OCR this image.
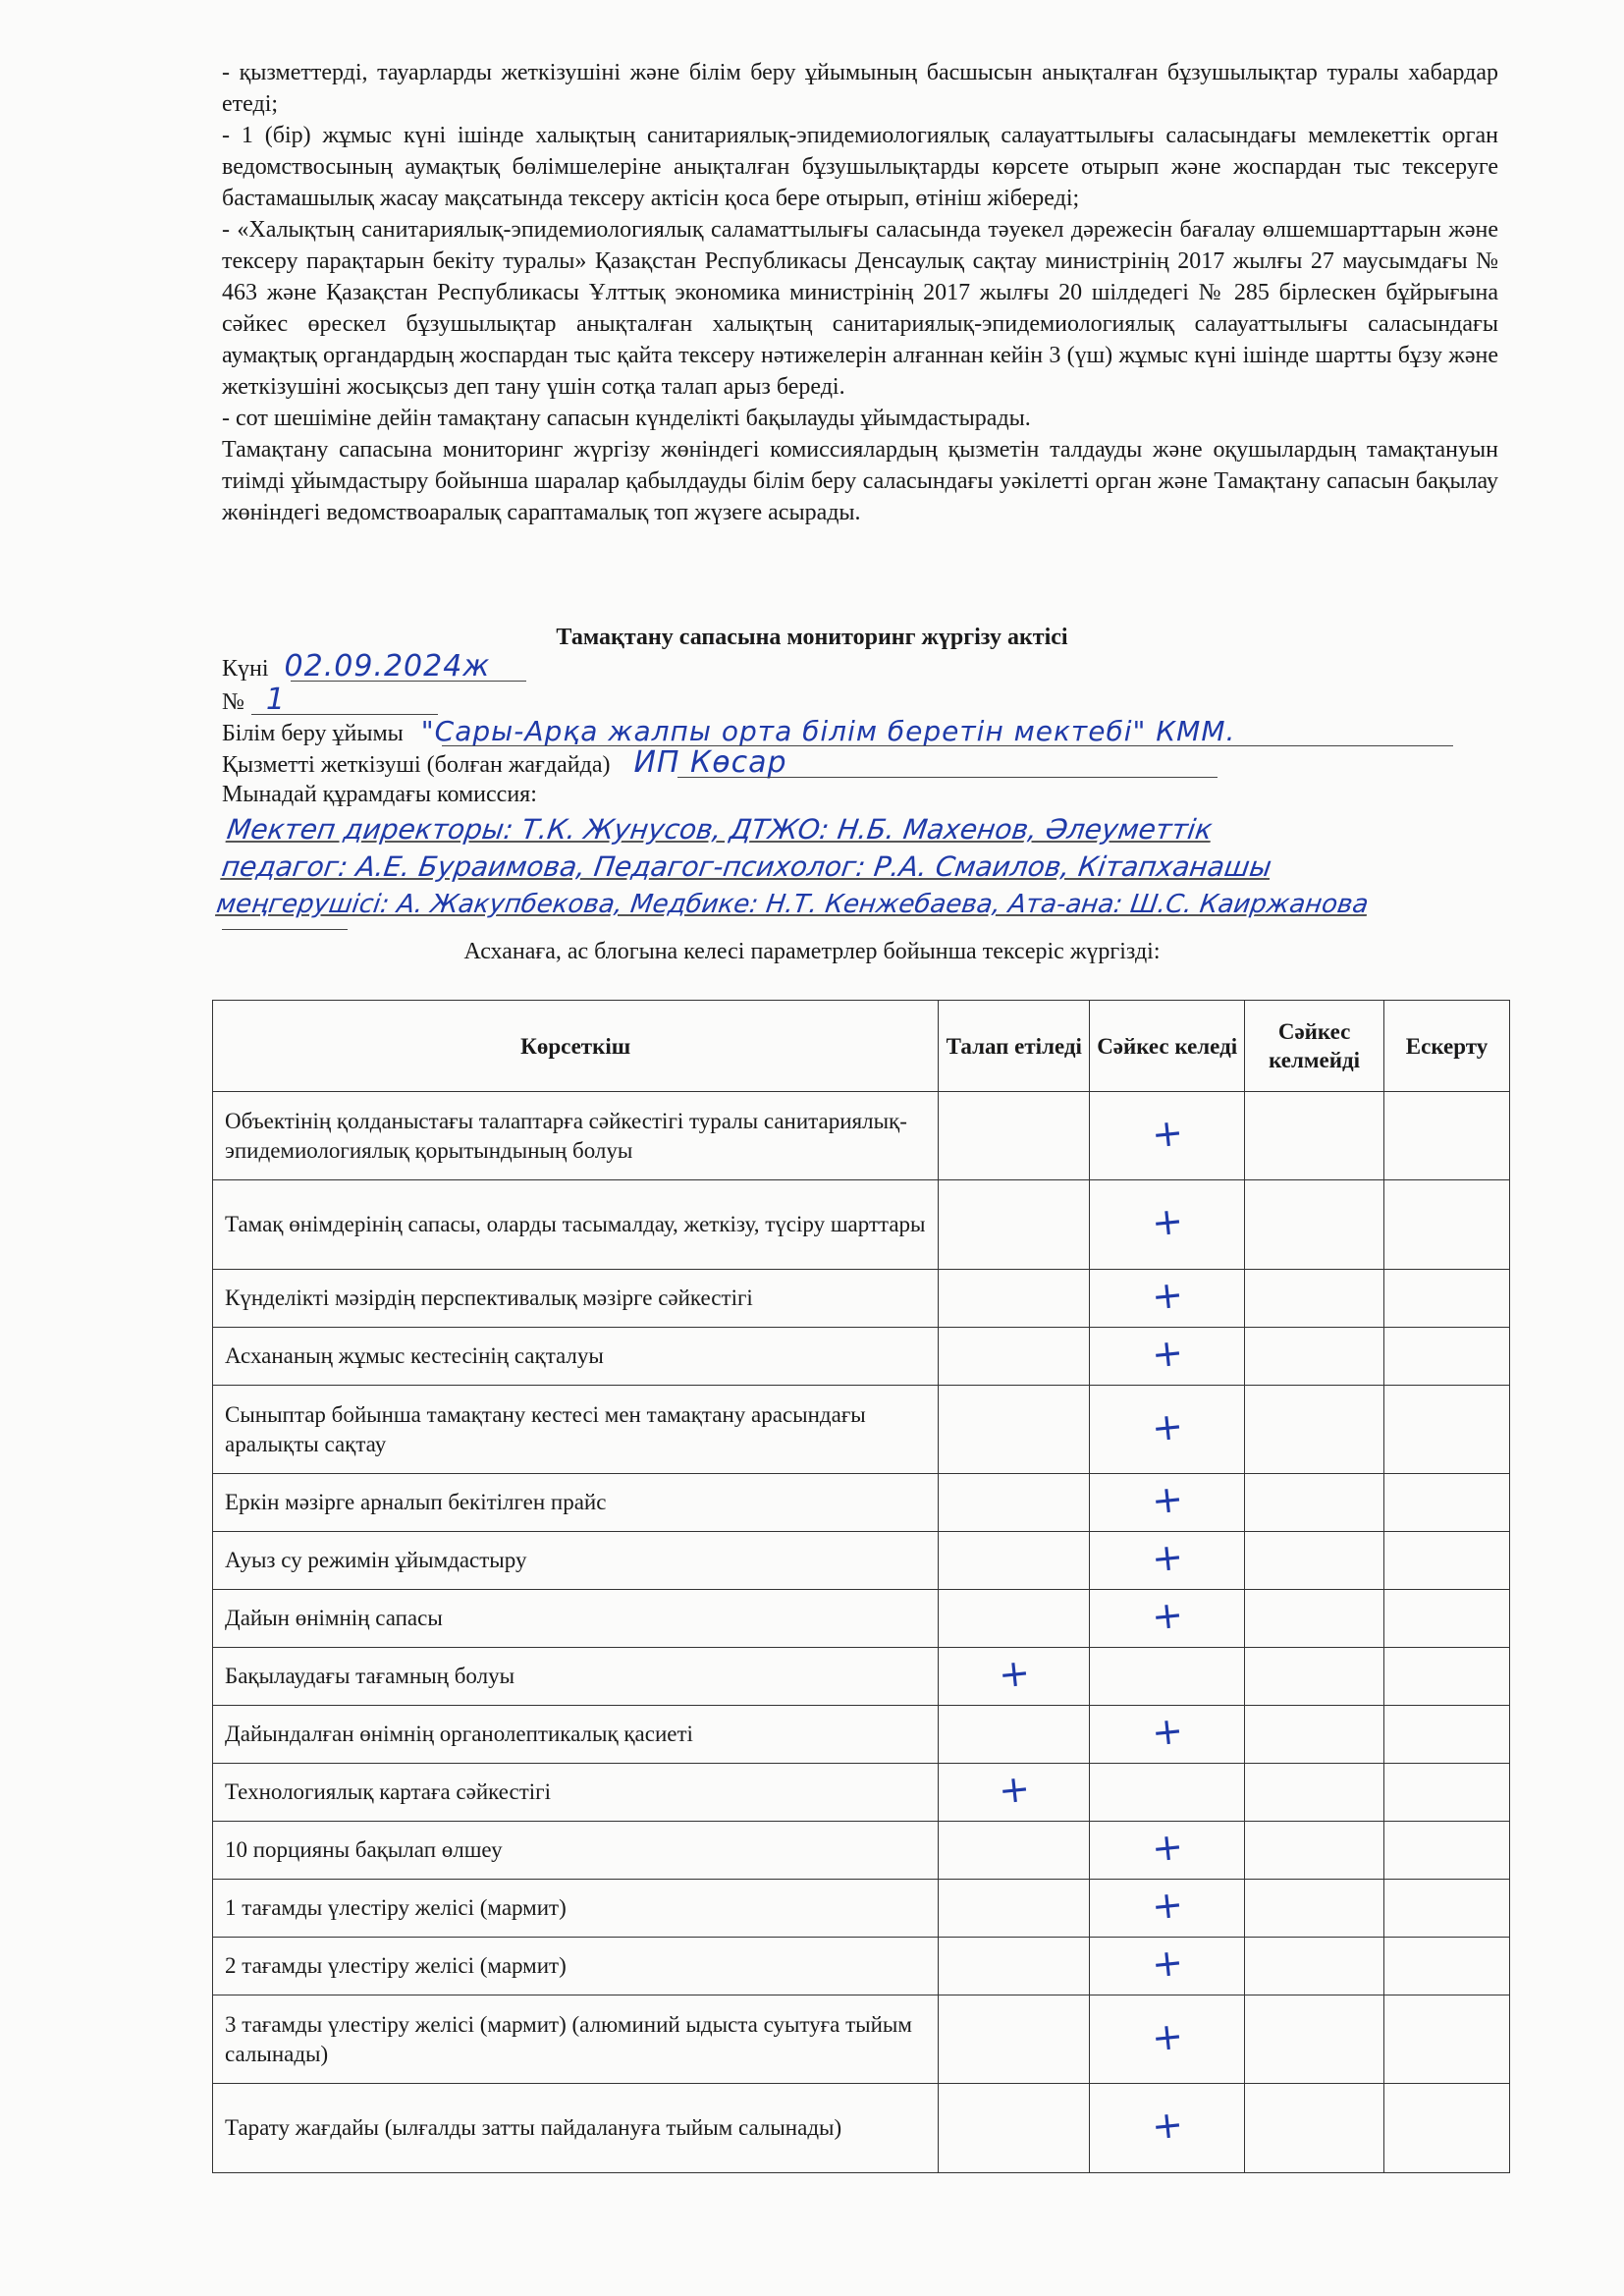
- қызметтерді, тауарларды жеткізушіні және білім беру ұйымының басшысын анықталған бұзушылықтар туралы хабардар етеді;

- 1 (бір) жұмыс күні ішінде халықтың санитариялық-эпидемиологиялық салауаттылығы саласындағы мемлекеттік орган ведомствосының аумақтық бөлімшелеріне анықталған бұзушылықтарды көрсете отырып және жоспардан тыс тексеруге бастамашылық жасау мақсатында тексеру актісін қоса бере отырып, өтініш жібереді;

- «Халықтың санитариялық-эпидемиологиялық саламаттылығы саласында тәуекел дәрежесін бағалау өлшемшарттарын және тексеру парақтарын бекіту туралы» Қазақстан Республикасы Денсаулық сақтау министрінің 2017 жылғы 27 маусымдағы № 463 және Қазақстан Республикасы Ұлттық экономика министрінің 2017 жылғы 20 шілдедегі № 285 бірлескен бұйрығына сәйкес өрескел бұзушылықтар анықталған халықтың санитариялық-эпидемиологиялық салауаттылығы саласындағы аумақтық органдардың жоспардан тыс қайта тексеру нәтижелерін алғаннан кейін 3 (үш) жұмыс күні ішінде шартты бұзу және жеткізушіні жосықсыз деп тану үшін сотқа талап арыз береді.

- сот шешіміне дейін тамақтану сапасын күнделікті бақылауды ұйымдастырады.

Тамақтану сапасына мониторинг жүргізу жөніндегі комиссиялардың қызметін талдауды және оқушылардың тамақтануын тиімді ұйымдастыру бойынша шаралар қабылдауды білім беру саласындағы уәкілетті орган және Тамақтану сапасын бақылау жөніндегі ведомствоаралық сараптамалық топ жүзеге асырады.

Тамақтану сапасына мониторинг жүргізу актісі
Күні 02.09.2024ж
№ 1
Білім беру ұйымы "Сары-Арқа жалпы орта білім беретін мектебі" КММ.
Қызметті жеткізуші (болған жағдайда) ИП Көсар
Мынадай құрамдағы комиссия:
Мектеп директоры: Т.К. Жунусов, ДТЖО: Н.Б. Махенов, Әлеуметтік
педагог: А.Е. Бураимова, Педагог-психолог: Р.А. Смаилов, Кітапханашы
меңгерушісі: А. Жакупбекова, Медбике: Н.Т. Кенжебаева, Ата-ана: Ш.С. Каиржанова
Асханаға, ас блогына келесі параметрлер бойынша тексеріс жүргізді:
Көрсеткіш	Талап етіледі	Сәйкес келеді	Сәйкес келмейді	Ескерту
Объектінің қолданыстағы талаптарға сәйкестігі туралы санитариялық-эпидемиологиялық қорытындының болуы		+		
Тамақ өнімдерінің сапасы, оларды тасымалдау, жеткізу, түсіру шарттары		+		
Күнделікті мәзірдің перспективалық мәзірге сәйкестігі		+		
Асхананың жұмыс кестесінің сақталуы		+		
Сыныптар бойынша тамақтану кестесі мен тамақтану арасындағы аралықты сақтау		+		
Еркін мәзірге арналып бекітілген прайс		+		
Ауыз су режимін ұйымдастыру		+		
Дайын өнімнің сапасы		+		
Бақылаудағы тағамның болуы	+			
Дайындалған өнімнің органолептикалық қасиеті		+		
Технологиялық картаға сәйкестігі	+			
10 порцияны бақылап өлшеу		+		
1 тағамды үлестіру желісі (мармит)		+		
2 тағамды үлестіру желісі (мармит)		+		
3 тағамды үлестіру желісі (мармит) (алюминий ыдыста суытуға тыйым салынады)		+		
Тарату жағдайы (ылғалды затты пайдалануға тыйым салынады)		+		
